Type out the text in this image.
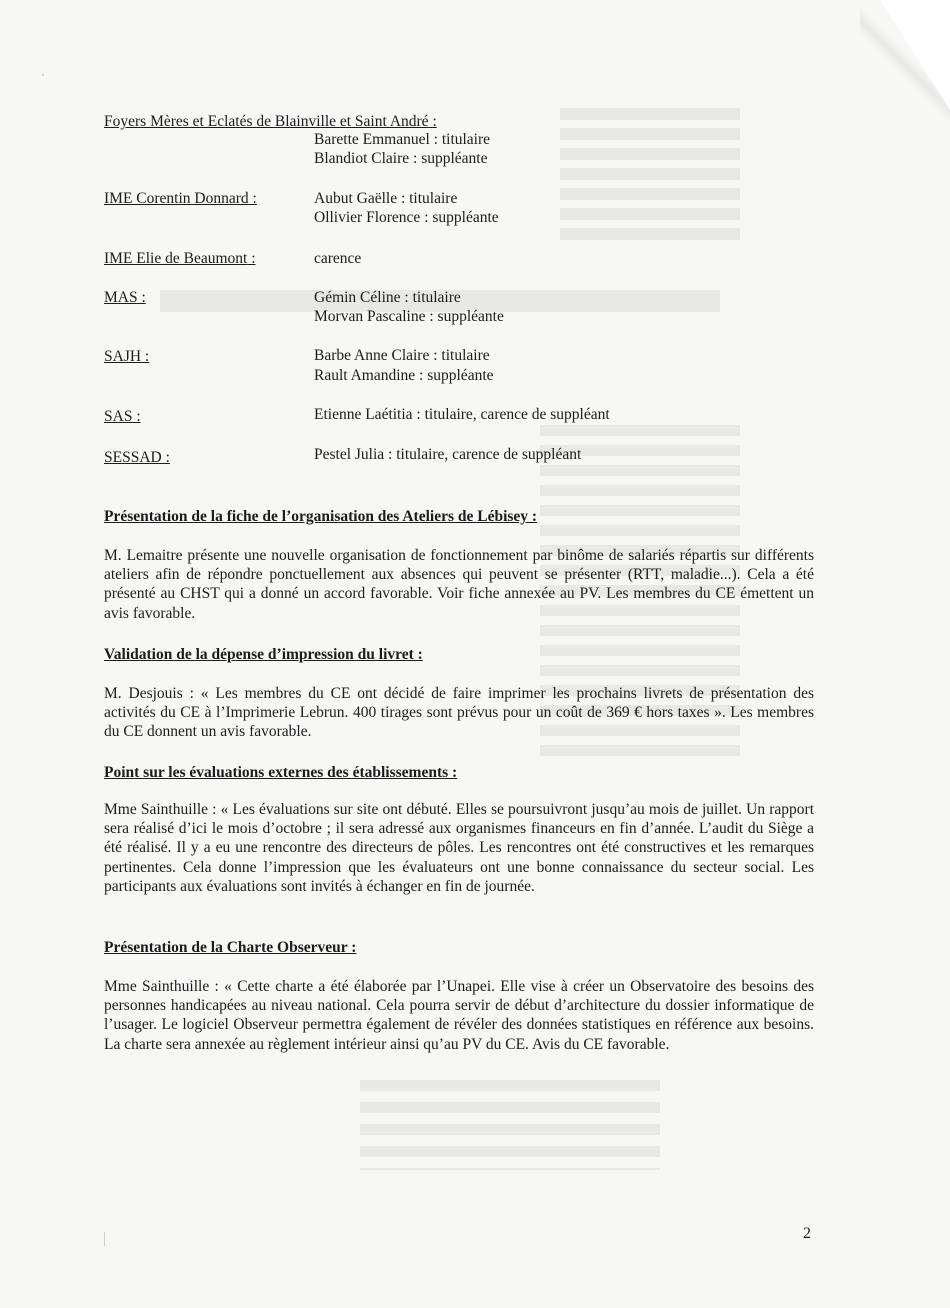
Foyers Mères et Eclatés de Blainville et Saint André :
Barette Emmanuel : titulaire
Blandiot Claire : suppléante
IME Corentin Donnard :	Aubut Gaëlle : titulaire
Ollivier Florence : suppléante
IME Elie de Beaumont :	carence
MAS :	Gémin Céline : titulaire
Morvan Pascaline : suppléante
SAJH :	Barbe Anne Claire : titulaire
Rault Amandine : suppléante
SAS :	Etienne Laétitia : titulaire, carence de suppléant
SESSAD :	Pestel Julia : titulaire, carence de suppléant
Présentation de la fiche de l’organisation des Ateliers de Lébisey :
M. Lemaitre présente une nouvelle organisation de fonctionnement par binôme de salariés répartis sur différents ateliers afin de répondre ponctuellement aux absences qui peuvent se présenter (RTT, maladie...). Cela a été présenté au CHST qui a donné un accord favorable. Voir fiche annexée au PV. Les membres du CE émettent un avis favorable.
Validation de la dépense d’impression du livret :
M. Desjouis : « Les membres du CE ont décidé de faire imprimer les prochains livrets de présentation des activités du CE à l’Imprimerie Lebrun. 400 tirages sont prévus pour un coût de 369 € hors taxes ». Les membres du CE donnent un avis favorable.
Point sur les évaluations externes des établissements :
Mme Sainthuille : « Les évaluations sur site ont débuté. Elles se poursuivront jusqu’au mois de juillet. Un rapport sera réalisé d’ici le mois d’octobre ; il sera adressé aux organismes financeurs en fin d’année. L’audit du Siège a été réalisé. Il y a eu une rencontre des directeurs de pôles. Les rencontres ont été constructives et les remarques pertinentes. Cela donne l’impression que les évaluateurs ont une bonne connaissance du secteur social. Les participants aux évaluations sont invités à échanger en fin de journée.
Présentation de la Charte Observeur :
Mme Sainthuille : « Cette charte a été élaborée par l’Unapei. Elle vise à créer un Observatoire des besoins des personnes handicapées au niveau national. Cela pourra servir de début d’architecture du dossier informatique de l’usager. Le logiciel Observeur permettra également de révéler des données statistiques en référence aux besoins. La charte sera annexée au règlement intérieur ainsi qu’au PV du CE. Avis du CE favorable.
2
